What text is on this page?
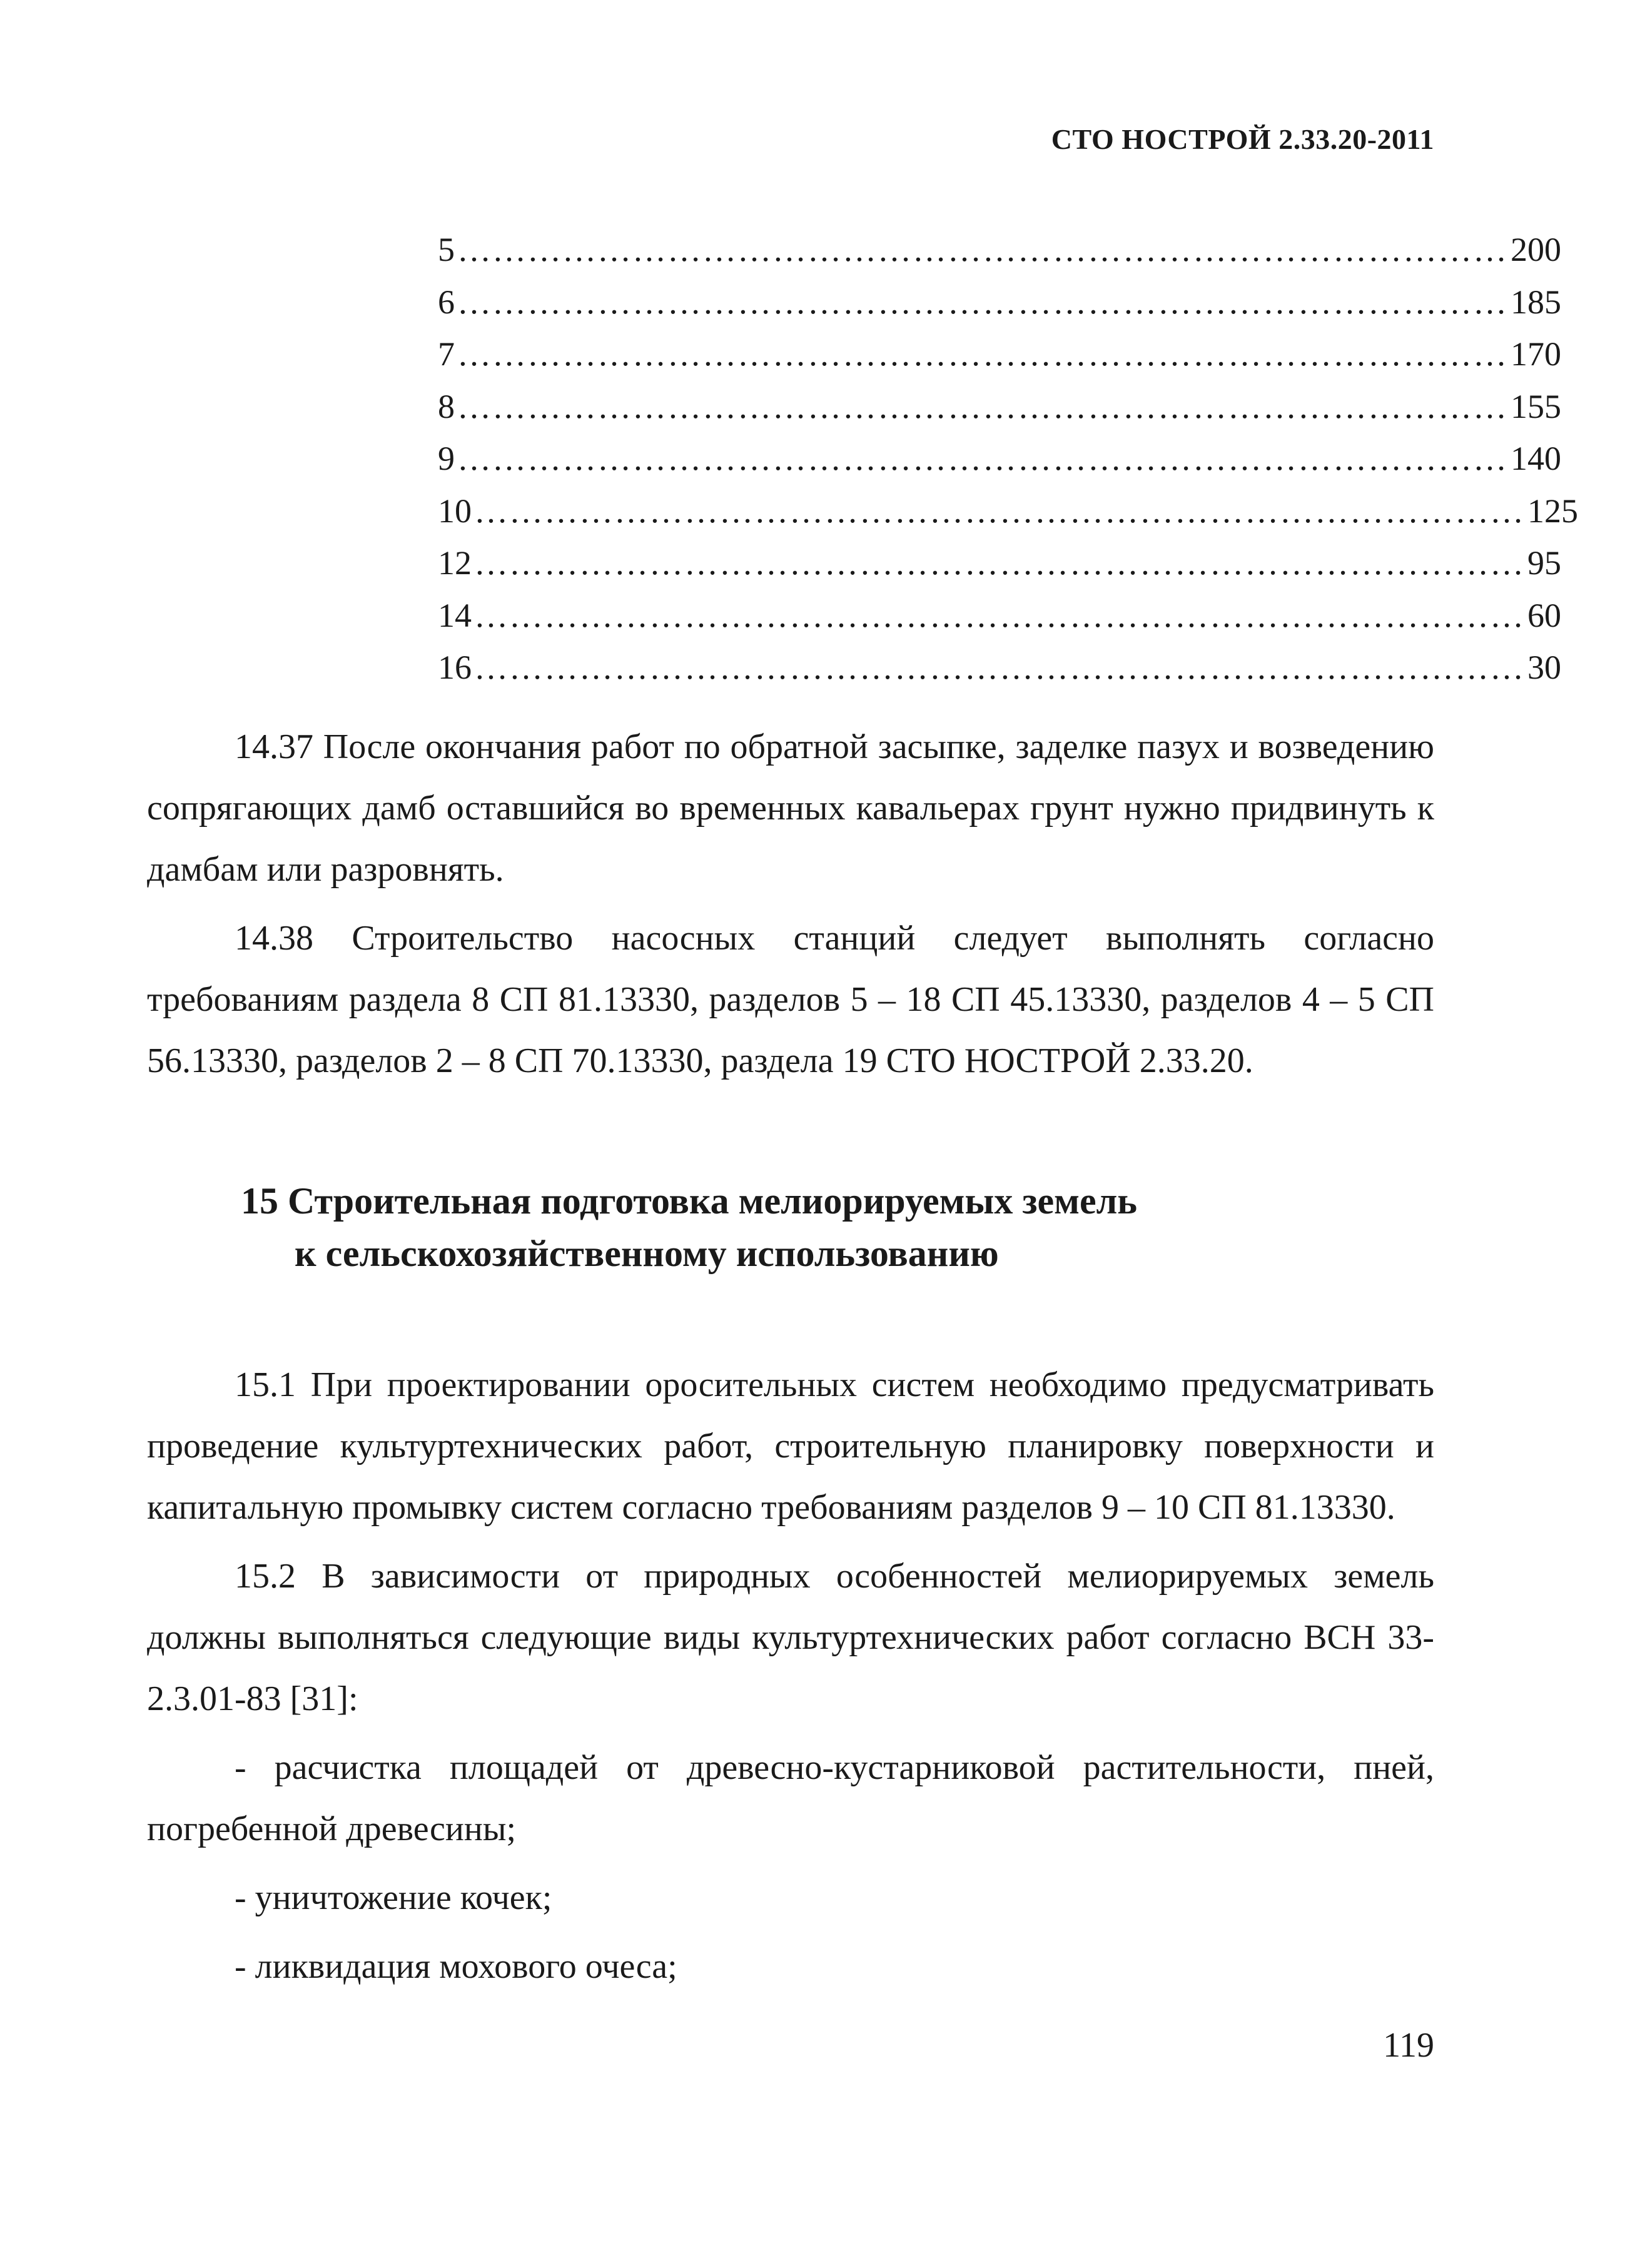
СТО НОСТРОЙ 2.33.20-2011
5 ……………………………………………………………………………… 200
6 ……………………………………………………………………………… 185
7 ……………………………………………………………………………… 170
8 ……………………………………………………………………………… 155
9 ……………………………………………………………………………… 140
10 ……………………………………………………………………………… 125
12 ……………………………………………………………………………… 95
14 ……………………………………………………………………………… 60
16 ……………………………………………………………………………… 30

14.37 После окончания работ по обратной засыпке, заделке пазух и возведению сопрягающих дамб оставшийся во временных кавальерах грунт нужно придвинуть к дамбам или разровнять.

14.38 Строительство насосных станций следует выполнять согласно требованиям раздела 8 СП 81.13330, разделов 5 – 18 СП 45.13330, разделов 4 – 5 СП 56.13330, разделов 2 – 8 СП 70.13330, раздела 19 СТО НОСТРОЙ 2.33.20.

15 Строительная подготовка мелиорируемых земель
к сельскохозяйственному использованию

15.1 При проектировании оросительных систем необходимо предусматривать проведение культуртехнических работ, строительную планировку поверхности и капитальную промывку систем согласно требованиям разделов 9 – 10 СП 81.13330.

15.2 В зависимости от природных особенностей мелиорируемых земель должны выполняться следующие виды культуртехнических работ согласно ВСН 33-2.3.01-83 [31]:

- расчистка площадей от древесно-кустарниковой растительности, пней, погребенной древесины;

- уничтожение кочек;

- ликвидация мохового очеса;

119
